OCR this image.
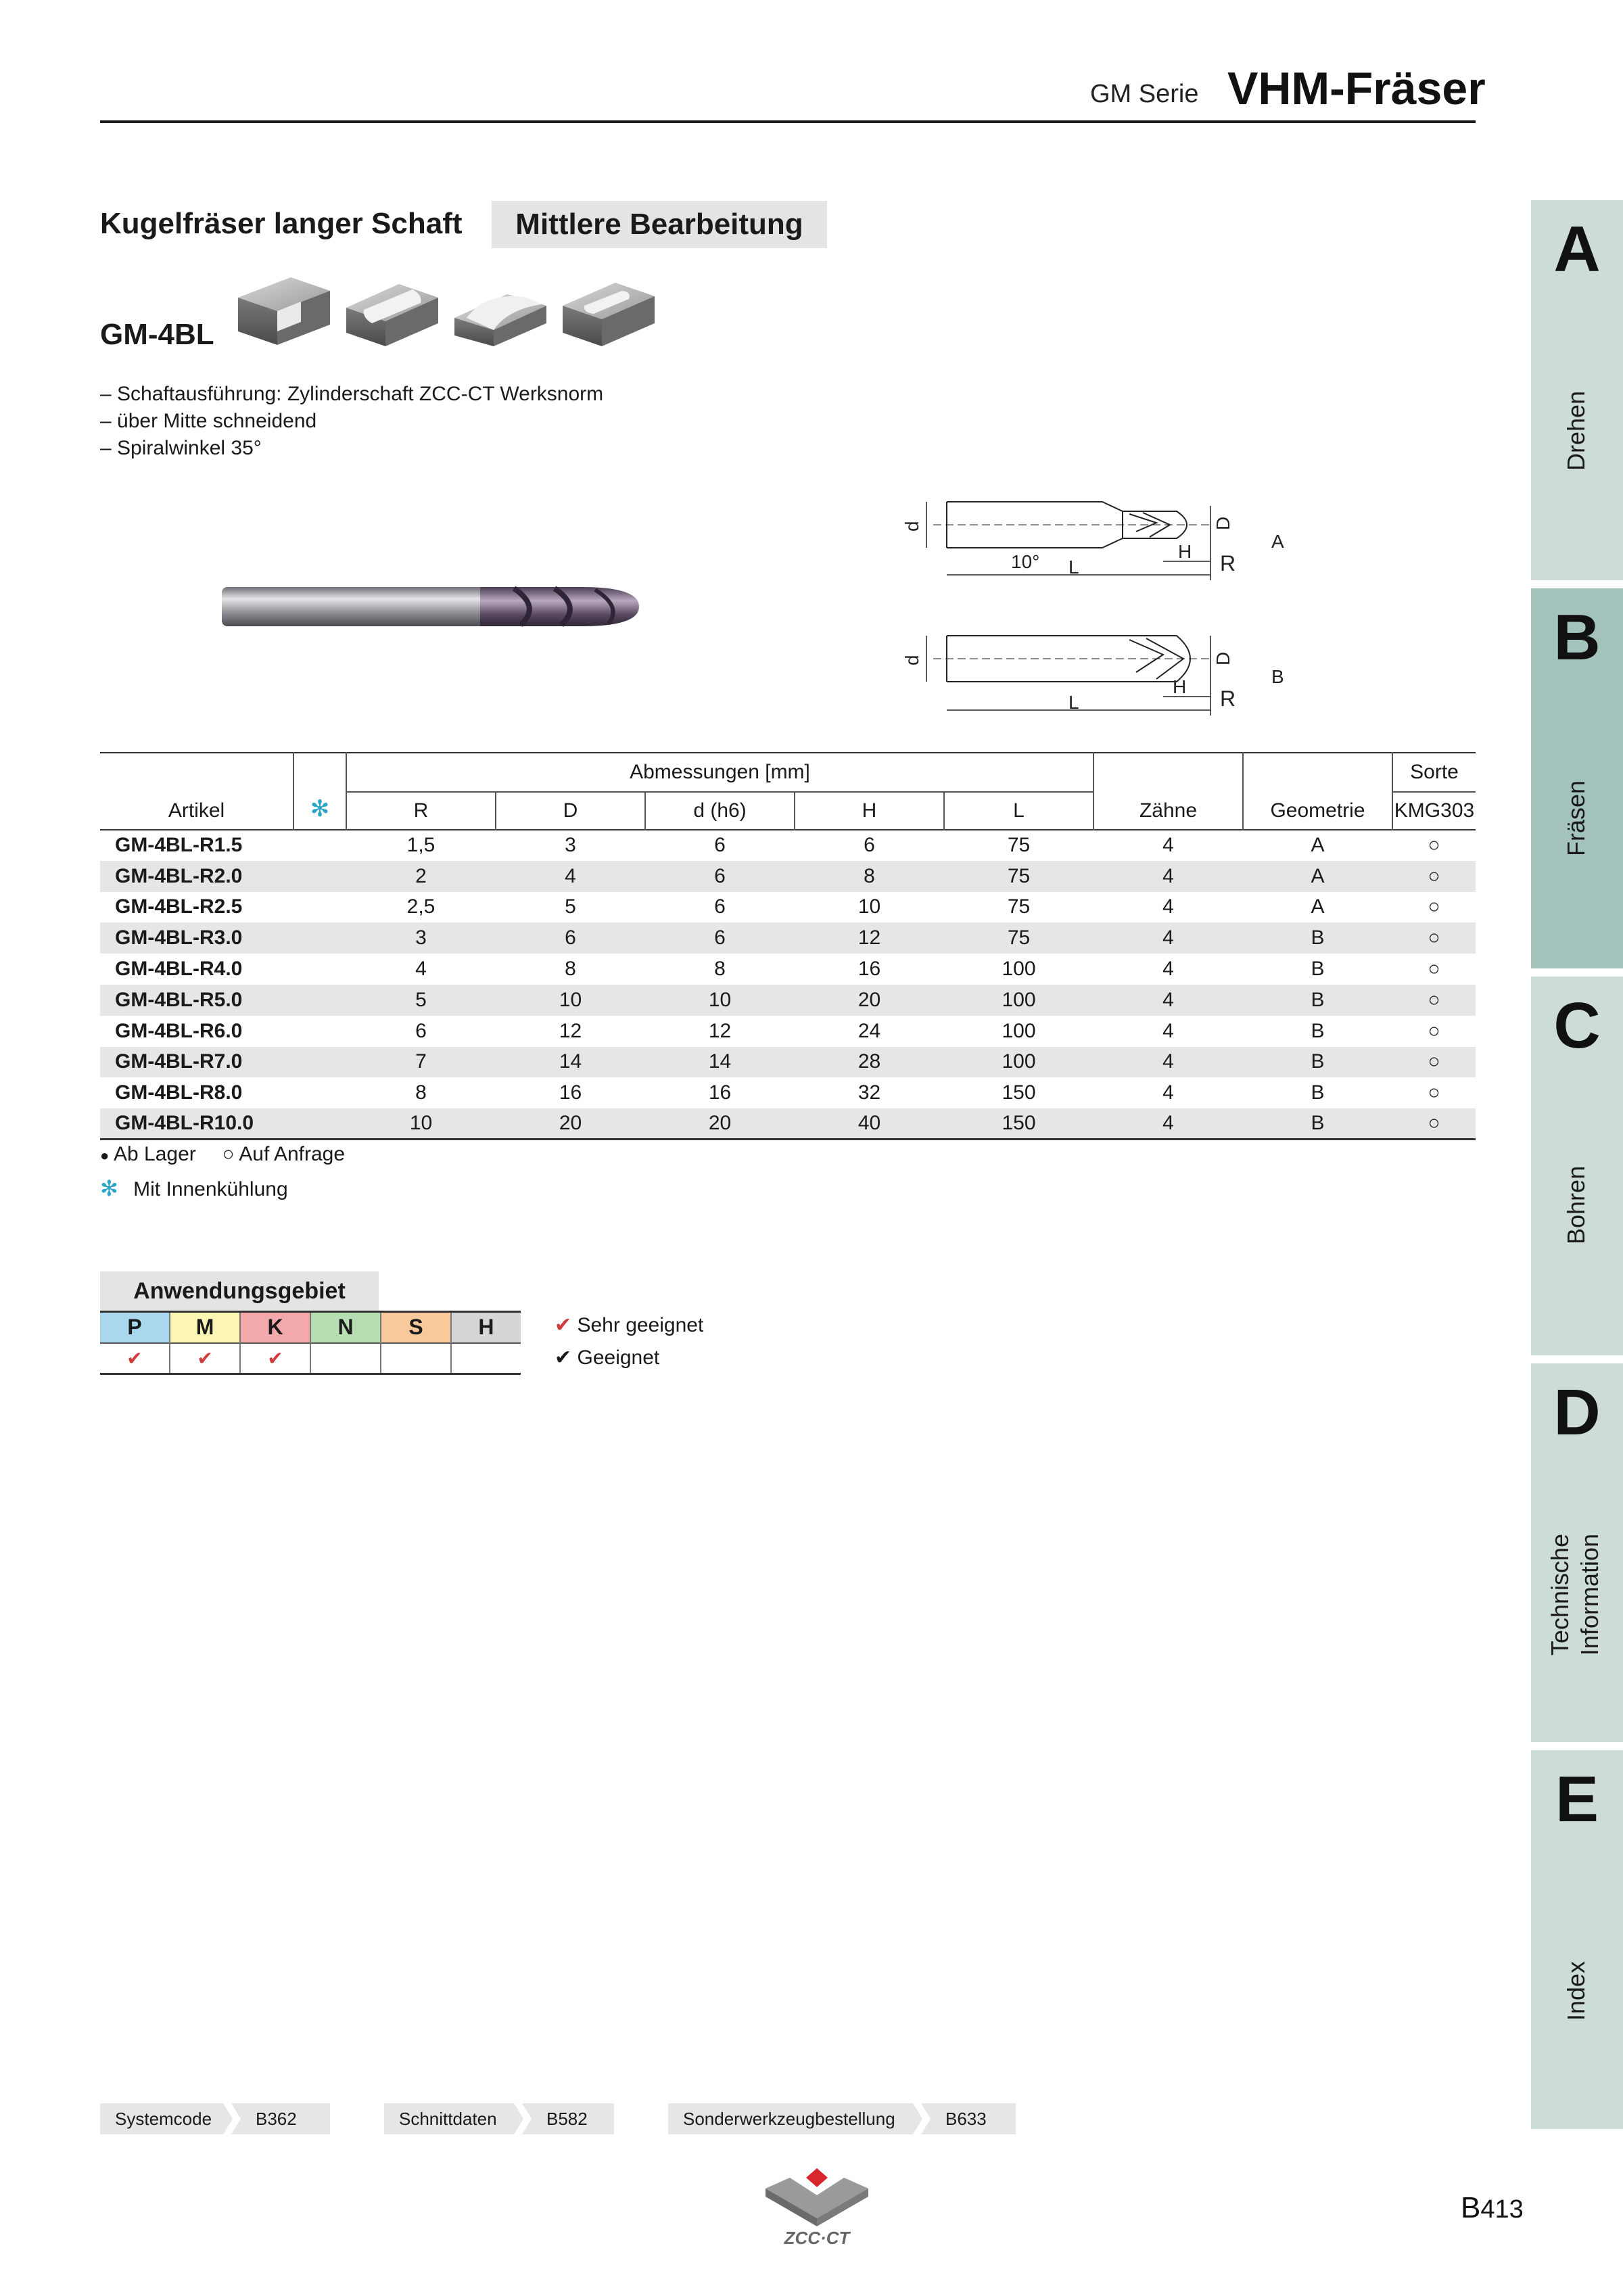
GM Serie VHM-Fräser
Kugelfräser langer Schaft	Mittlere Bearbeitung
GM-4BL
– Schaftausführung: Zylinderschaft ZCC-CT Werksnorm
– über Mitte schneidend
– Spiralwinkel 35°
d	D
10° L
H R
A
d	D
L
H R
B
Artikel	✻	Abmessungen [mm]					Zähne	Geometrie	Sorte
		R	D	d (h6)	H	L			KMG303
GM-4BL-R1.5		1,5	3	6	6	75	4	A	○
GM-4BL-R2.0		2	4	6	8	75	4	A	○
GM-4BL-R2.5		2,5	5	6	10	75	4	A	○
GM-4BL-R3.0		3	6	6	12	75	4	B	○
GM-4BL-R4.0		4	8	8	16	100	4	B	○
GM-4BL-R5.0		5	10	10	20	100	4	B	○
GM-4BL-R6.0		6	12	12	24	100	4	B	○
GM-4BL-R7.0		7	14	14	28	100	4	B	○
GM-4BL-R8.0		8	16	16	32	150	4	B	○
GM-4BL-R10.0		10	20	20	40	150	4	B	○
● Ab Lager ○ Auf Anfrage
✻ Mit Innenkühlung
Anwendungsgebiet
P	M	K	N	S	H
✔	✔	✔			
✔ Sehr geeignet
✔ Geeignet
A
Drehen
B
Fräsen
C
Bohren
D
Technische Information
E
Index
Systemcode	B362	Schnittdaten	B582	Sonderwerkzeugbestellung	B633
ZCC·CT
B413
